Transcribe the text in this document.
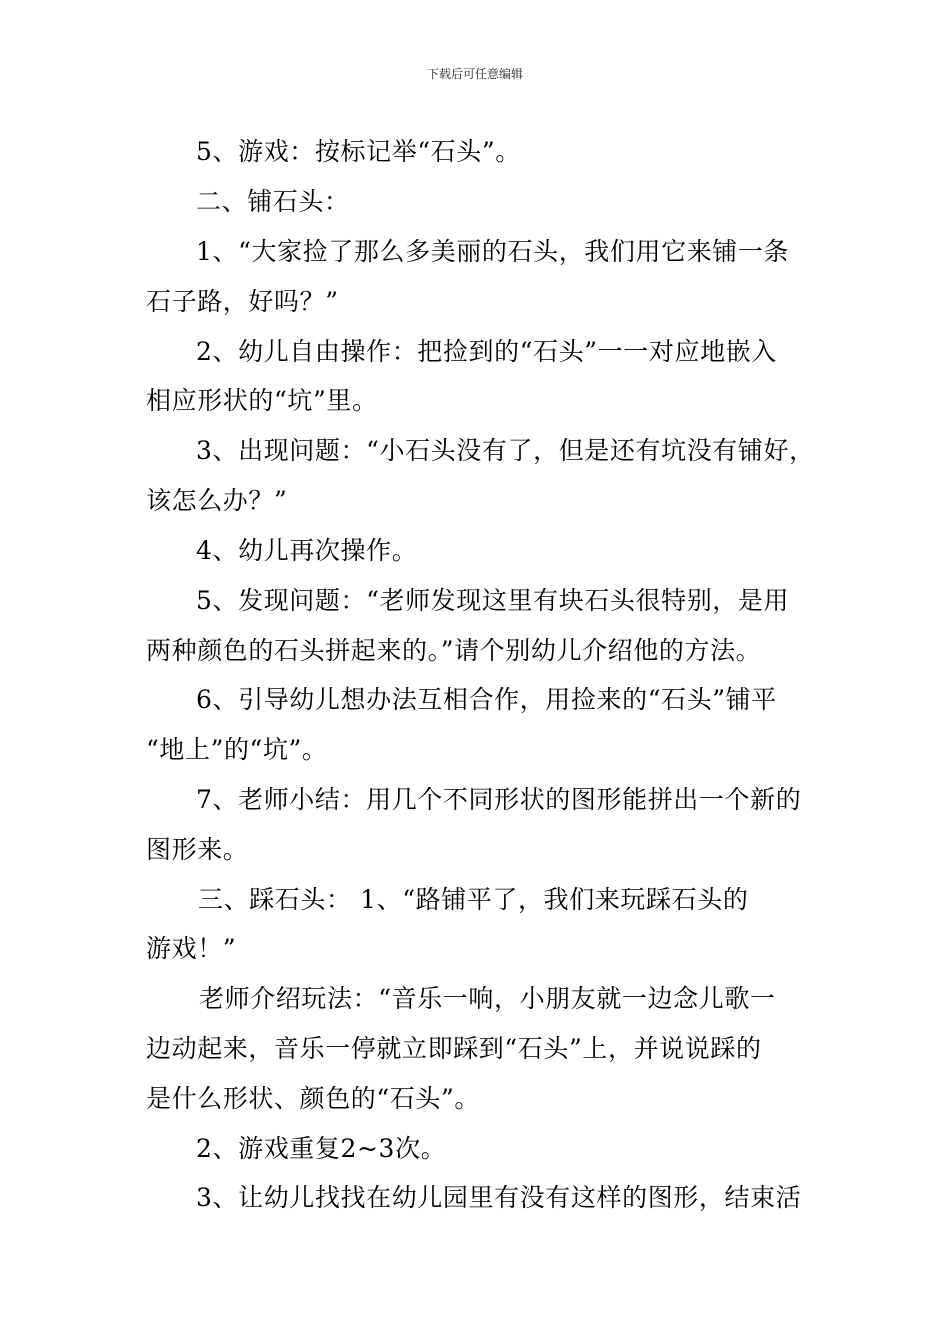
下载后可任意编辑
5、游戏：按标记举“石头”。
二、铺石头：
1、“大家捡了那么多美丽的石头，我们用它来铺一条
石子路，好吗？”
2、幼儿自由操作：把捡到的“石头”一一对应地嵌入
相应形状的“坑”里。
3、出现问题：“小石头没有了，但是还有坑没有铺好，
该怎么办？”
4、幼儿再次操作。
5、发现问题：“老师发现这里有块石头很特别，是用
两种颜色的石头拼起来的。”请个别幼儿介绍他的方法。
6、引导幼儿想办法互相合作，用捡来的“石头”铺平
“地上”的“坑”。
7、老师小结：用几个不同形状的图形能拼出一个新的
图形来。
三、踩石头： 1、“路铺平了，我们来玩踩石头的
游戏！”
老师介绍玩法：“音乐一响，小朋友就一边念儿歌一
边动起来，音乐一停就立即踩到“石头”上，并说说踩的
是什么形状、颜色的“石头”。
2、游戏重复2~3次。
3、让幼儿找找在幼儿园里有没有这样的图形，结束活
